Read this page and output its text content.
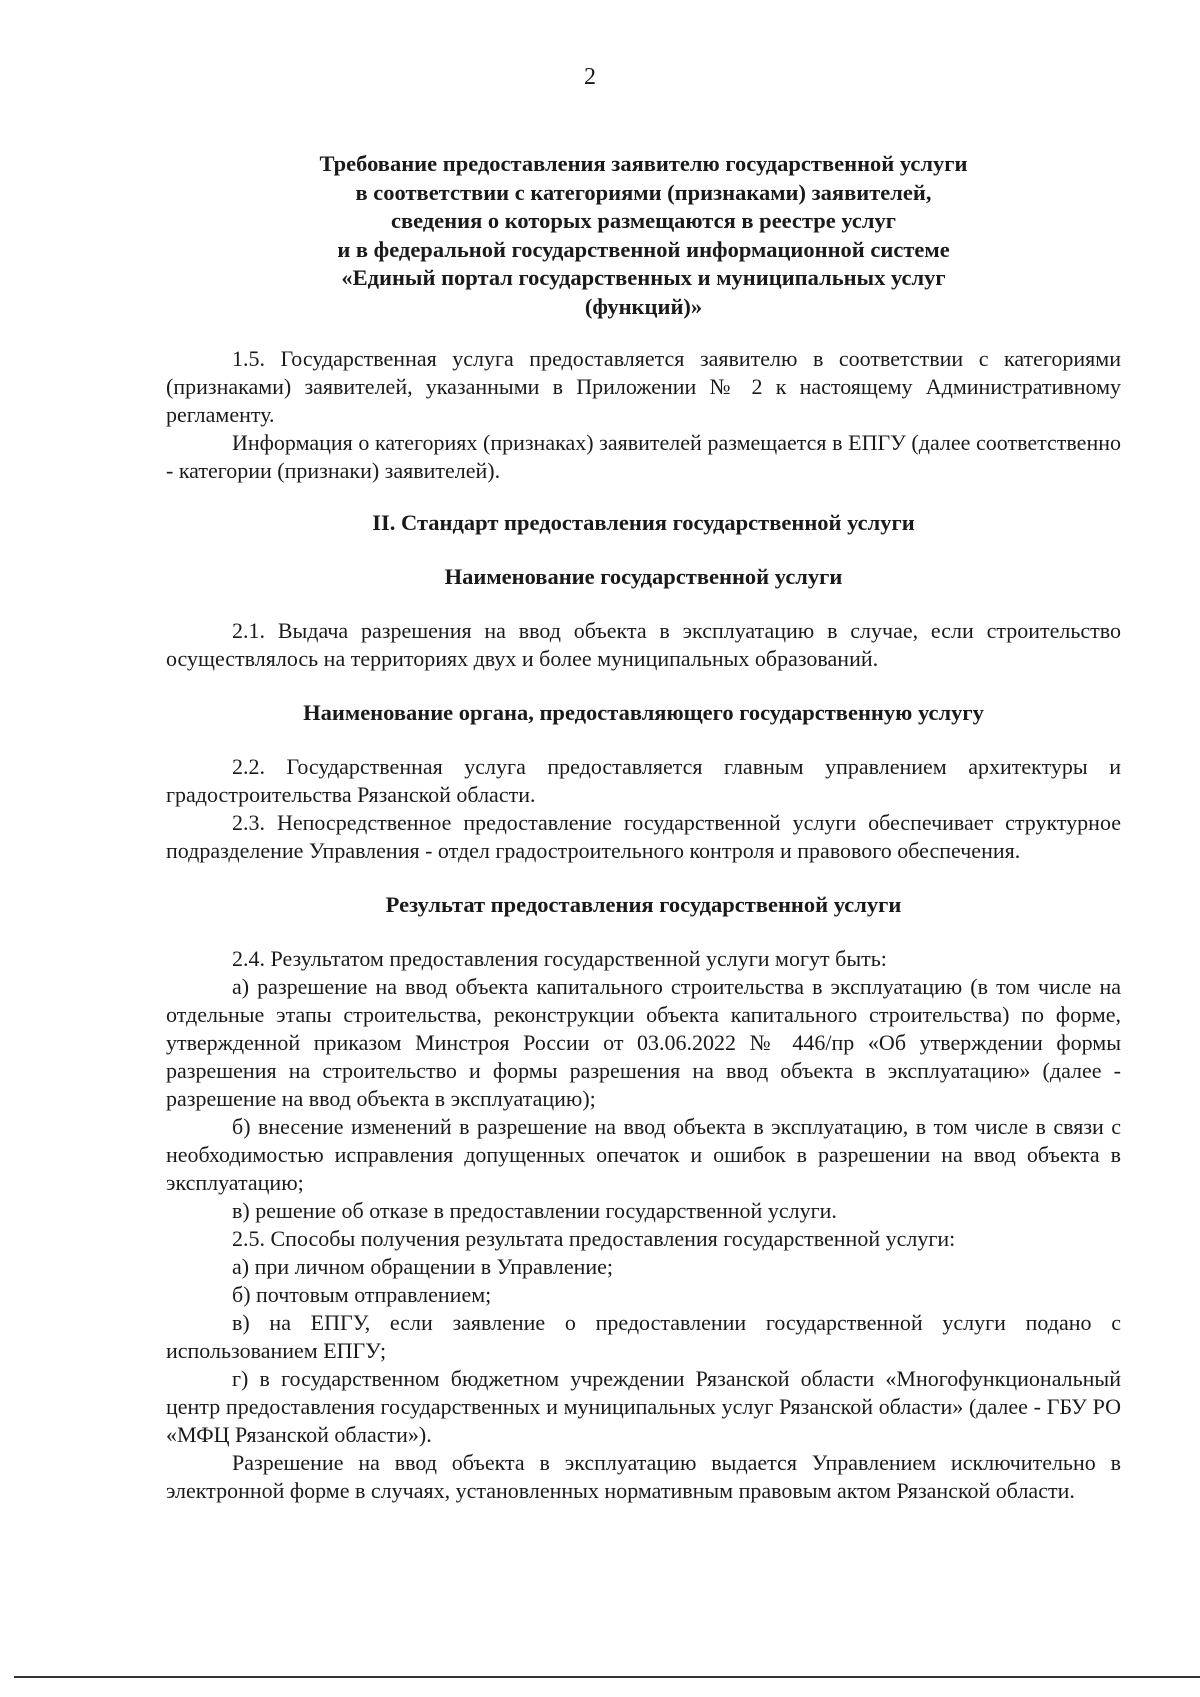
2
Требование предоставления заявителю государственной услуги
в соответствии с категориями (признаками) заявителей,
сведения о которых размещаются в реестре услуг
и в федеральной государственной информационной системе
«Единый портал государственных и муниципальных услуг
(функций)»

1.5. Государственная услуга предоставляется заявителю в соответствии с категориями (признаками) заявителей, указанными в Приложении № 2 к настоящему Административному регламенту.

Информация о категориях (признаках) заявителей размещается в ЕПГУ (далее соответственно - категории (признаки) заявителей).

II. Стандарт предоставления государственной услуги
Наименование государственной услуги

2.1. Выдача разрешения на ввод объекта в эксплуатацию в случае, если строительство осуществлялось на территориях двух и более муниципальных образований.

Наименование органа, предоставляющего государственную услугу

2.2. Государственная услуга предоставляется главным управлением архитектуры и градостроительства Рязанской области.

2.3. Непосредственное предоставление государственной услуги обеспечивает структурное подразделение Управления - отдел градостроительного контроля и правового обеспечения.

Результат предоставления государственной услуги

2.4. Результатом предоставления государственной услуги могут быть:

а) разрешение на ввод объекта капитального строительства в эксплуатацию (в том числе на отдельные этапы строительства, реконструкции объекта капитального строительства) по форме, утвержденной приказом Минстроя России от 03.06.2022 № 446/пр «Об утверждении формы разрешения на строительство и формы разрешения на ввод объекта в эксплуатацию» (далее - разрешение на ввод объекта в эксплуатацию);

б) внесение изменений в разрешение на ввод объекта в эксплуатацию, в том числе в связи с необходимостью исправления допущенных опечаток и ошибок в разрешении на ввод объекта в эксплуатацию;

в) решение об отказе в предоставлении государственной услуги.

2.5. Способы получения результата предоставления государственной услуги:

а) при личном обращении в Управление;

б) почтовым отправлением;

в) на ЕПГУ, если заявление о предоставлении государственной услуги подано с использованием ЕПГУ;

г) в государственном бюджетном учреждении Рязанской области «Многофункциональный центр предоставления государственных и муниципальных услуг Рязанской области» (далее - ГБУ РО «МФЦ Рязанской области»).

Разрешение на ввод объекта в эксплуатацию выдается Управлением исключительно в электронной форме в случаях, установленных нормативным правовым актом Рязанской области.
